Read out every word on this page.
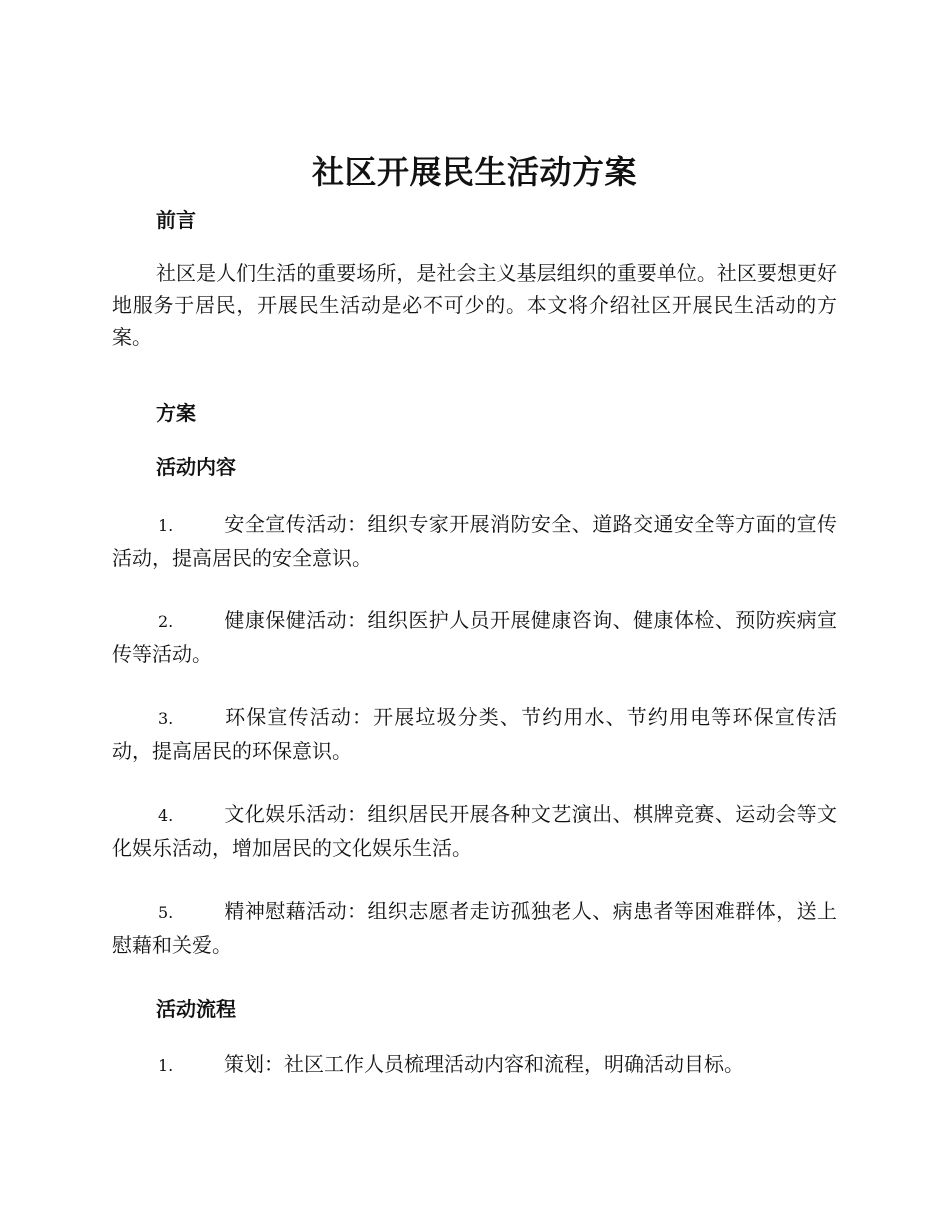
社区开展民生活动方案
前言

社区是人们生活的重要场所，是社会主义基层组织的重要单位。社区要想更好地服务于居民，开展民生活动是必不可少的。本文将介绍社区开展民生活动的方案。

方案
活动内容

1.	安全宣传活动：组织专家开展消防安全、道路交通安全等方面的宣传活动，提高居民的安全意识。

2.	健康保健活动：组织医护人员开展健康咨询、健康体检、预防疾病宣传等活动。

3.	环保宣传活动：开展垃圾分类、节约用水、节约用电等环保宣传活动，提高居民的环保意识。

4.	文化娱乐活动：组织居民开展各种文艺演出、棋牌竞赛、运动会等文化娱乐活动，增加居民的文化娱乐生活。

5.	精神慰藉活动：组织志愿者走访孤独老人、病患者等困难群体，送上慰藉和关爱。

活动流程

1.	策划：社区工作人员梳理活动内容和流程，明确活动目标。
